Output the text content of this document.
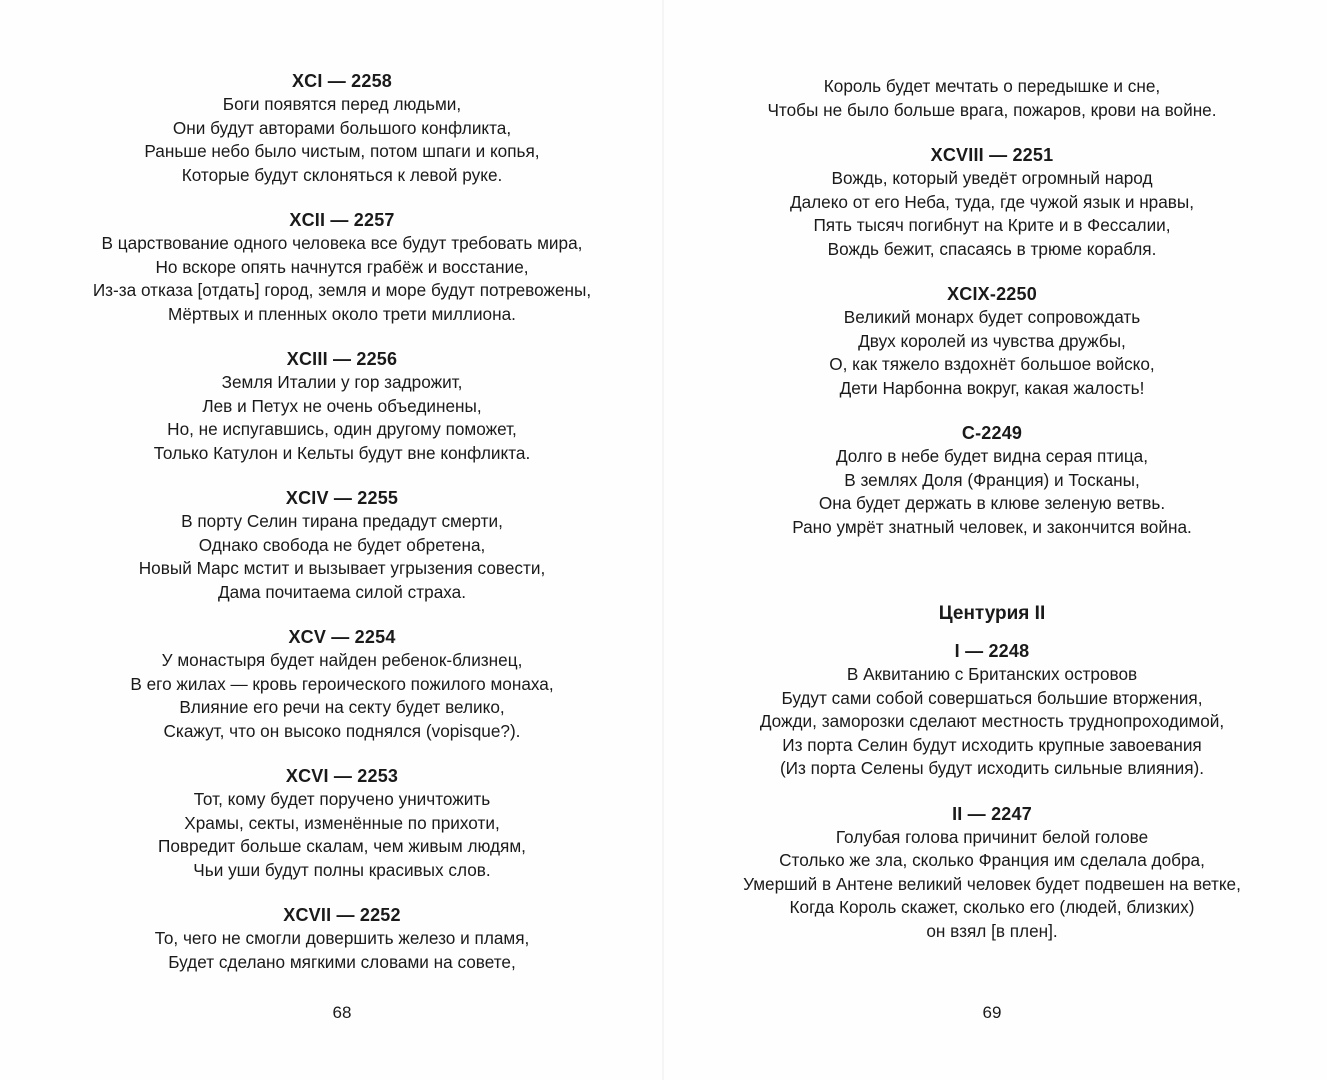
XCI — 2258

Боги появятся перед людьми,

Они будут авторами большого конфликта,

Раньше небо было чистым, потом шпаги и копья,

Которые будут склоняться к левой руке.

XCII — 2257

В царствование одного человека все будут требовать мира,

Но вскоре опять начнутся грабёж и восстание,

Из-за отказа [отдать] город, земля и море будут потревожены,

Мёртвых и пленных около трети миллиона.

XCIII — 2256

Земля Италии у гор задрожит,

Лев и Петух не очень объединены,

Но, не испугавшись, один другому поможет,

Только Катулон и Кельты будут вне конфликта.

XCIV — 2255

В порту Селин тирана предадут смерти,

Однако свобода не будет обретена,

Новый Марс мстит и вызывает угрызения совести,

Дама почитаема силой страха.

XCV — 2254

У монастыря будет найден ребенок-близнец,

В его жилах — кровь героического пожилого монаха,

Влияние его речи на секту будет велико,

Скажут, что он высоко поднялся (vopisque?).

XCVI — 2253

Тот, кому будет поручено уничтожить

Храмы, секты, изменённые по прихоти,

Повредит больше скалам, чем живым людям,

Чьи уши будут полны красивых слов.

XCVII — 2252

То, чего не смогли довершить железо и пламя,

Будет сделано мягкими словами на совете,

68

Король будет мечтать о передышке и сне,

Чтобы не было больше врага, пожаров, крови на войне.

XCVIII — 2251

Вождь, который уведёт огромный народ

Далеко от его Неба, туда, где чужой язык и нравы,

Пять тысяч погибнут на Крите и в Фессалии,

Вождь бежит, спасаясь в трюме корабля.

XCIX-2250

Великий монарх будет сопровождать

Двух королей из чувства дружбы,

О, как тяжело вздохнёт большое войско,

Дети Нарбонна вокруг, какая жалость!

C-2249

Долго в небе будет видна серая птица,

В землях Доля (Франция) и Тосканы,

Она будет держать в клюве зеленую ветвь.

Рано умрёт знатный человек, и закончится война.

Центурия II

I — 2248

В Аквитанию с Британских островов

Будут сами собой совершаться большие вторжения,

Дожди, заморозки сделают местность труднопроходимой,

Из порта Селин будут исходить крупные завоевания

(Из порта Селены будут исходить сильные влияния).

II — 2247

Голубая голова причинит белой голове

Столько же зла, сколько Франция им сделала добра,

Умерший в Антене великий человек будет подвешен на ветке,

Когда Король скажет, сколько его (людей, близких)

он взял [в плен].

69
